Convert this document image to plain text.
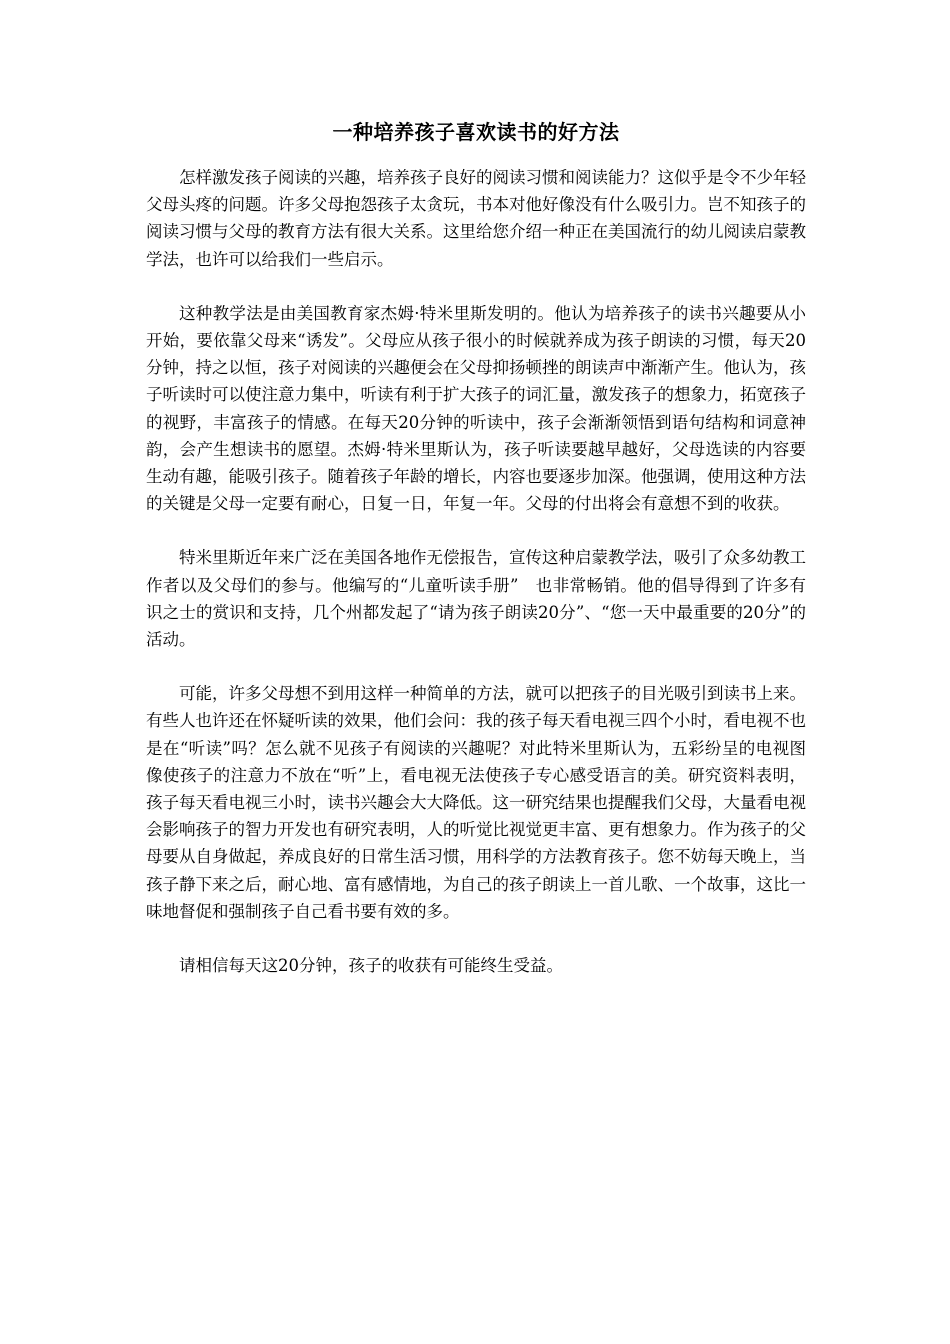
一种培养孩子喜欢读书的好方法

怎样激发孩子阅读的兴趣，培养孩子良好的阅读习惯和阅读能力？这似乎是令不少年轻父母头疼的问题。许多父母抱怨孩子太贪玩，书本对他好像没有什么吸引力。岂不知孩子的阅读习惯与父母的教育方法有很大关系。这里给您介绍一种正在美国流行的幼儿阅读启蒙教学法，也许可以给我们一些启示。

这种教学法是由美国教育家杰姆·特米里斯发明的。他认为培养孩子的读书兴趣要从小开始，要依靠父母来“诱发”。父母应从孩子很小的时候就养成为孩子朗读的习惯，每天20分钟，持之以恒，孩子对阅读的兴趣便会在父母抑扬顿挫的朗读声中渐渐产生。他认为，孩子听读时可以使注意力集中，听读有利于扩大孩子的词汇量，激发孩子的想象力，拓宽孩子的视野，丰富孩子的情感。在每天20分钟的听读中，孩子会渐渐领悟到语句结构和词意神韵，会产生想读书的愿望。杰姆·特米里斯认为，孩子听读要越早越好，父母选读的内容要生动有趣，能吸引孩子。随着孩子年龄的增长，内容也要逐步加深。他强调，使用这种方法的关键是父母一定要有耐心，日复一日，年复一年。父母的付出将会有意想不到的收获。

特米里斯近年来广泛在美国各地作无偿报告，宣传这种启蒙教学法，吸引了众多幼教工作者以及父母们的参与。他编写的“儿童听读手册”　也非常畅销。他的倡导得到了许多有识之士的赏识和支持，几个州都发起了“请为孩子朗读20分”、“您一天中最重要的20分”的活动。

可能，许多父母想不到用这样一种简单的方法，就可以把孩子的目光吸引到读书上来。有些人也许还在怀疑听读的效果，他们会问：我的孩子每天看电视三四个小时，看电视不也是在“听读”吗？怎么就不见孩子有阅读的兴趣呢？对此特米里斯认为，五彩纷呈的电视图像使孩子的注意力不放在“听”上，看电视无法使孩子专心感受语言的美。研究资料表明，孩子每天看电视三小时，读书兴趣会大大降低。这一研究结果也提醒我们父母，大量看电视会影响孩子的智力开发也有研究表明，人的听觉比视觉更丰富、更有想象力。作为孩子的父母要从自身做起，养成良好的日常生活习惯，用科学的方法教育孩子。您不妨每天晚上，当孩子静下来之后，耐心地、富有感情地，为自己的孩子朗读上一首儿歌、一个故事，这比一味地督促和强制孩子自己看书要有效的多。

请相信每天这20分钟，孩子的收获有可能终生受益。
